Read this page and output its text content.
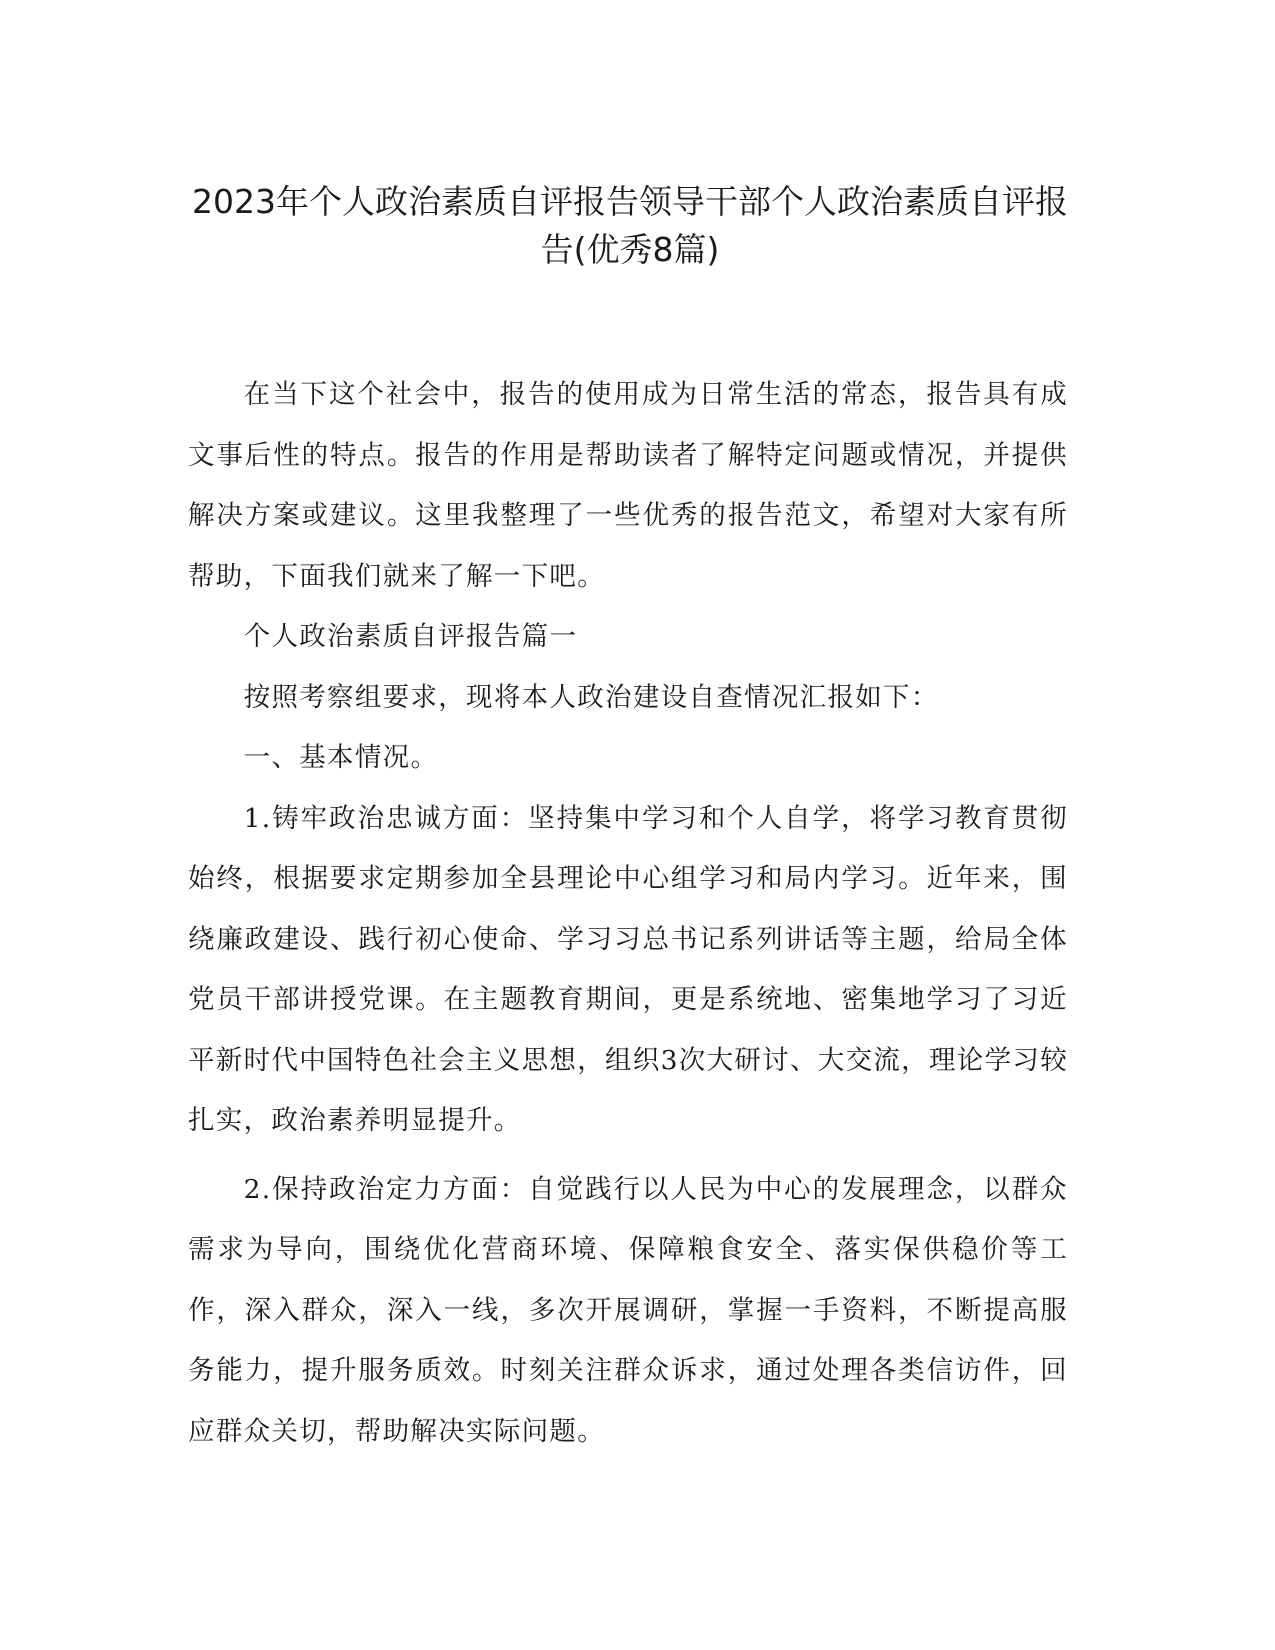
2023年个人政治素质自评报告领导干部个人政治素质自评报告(优秀8篇)

在当下这个社会中，报告的使用成为日常生活的常态，报告具有成文事后性的特点。报告的作用是帮助读者了解特定问题或情况，并提供解决方案或建议。这里我整理了一些优秀的报告范文，希望对大家有所帮助，下面我们就来了解一下吧。

个人政治素质自评报告篇一

按照考察组要求，现将本人政治建设自查情况汇报如下：

一、基本情况。

1.铸牢政治忠诚方面：坚持集中学习和个人自学，将学习教育贯彻始终，根据要求定期参加全县理论中心组学习和局内学习。近年来，围绕廉政建设、践行初心使命、学习习总书记系列讲话等主题，给局全体党员干部讲授党课。在主题教育期间，更是系统地、密集地学习了习近平新时代中国特色社会主义思想，组织3次大研讨、大交流，理论学习较扎实，政治素养明显提升。

2.保持政治定力方面：自觉践行以人民为中心的发展理念，以群众需求为导向，围绕优化营商环境、保障粮食安全、落实保供稳价等工作，深入群众，深入一线，多次开展调研，掌握一手资料，不断提高服务能力，提升服务质效。时刻关注群众诉求，通过处理各类信访件，回应群众关切，帮助解决实际问题。
